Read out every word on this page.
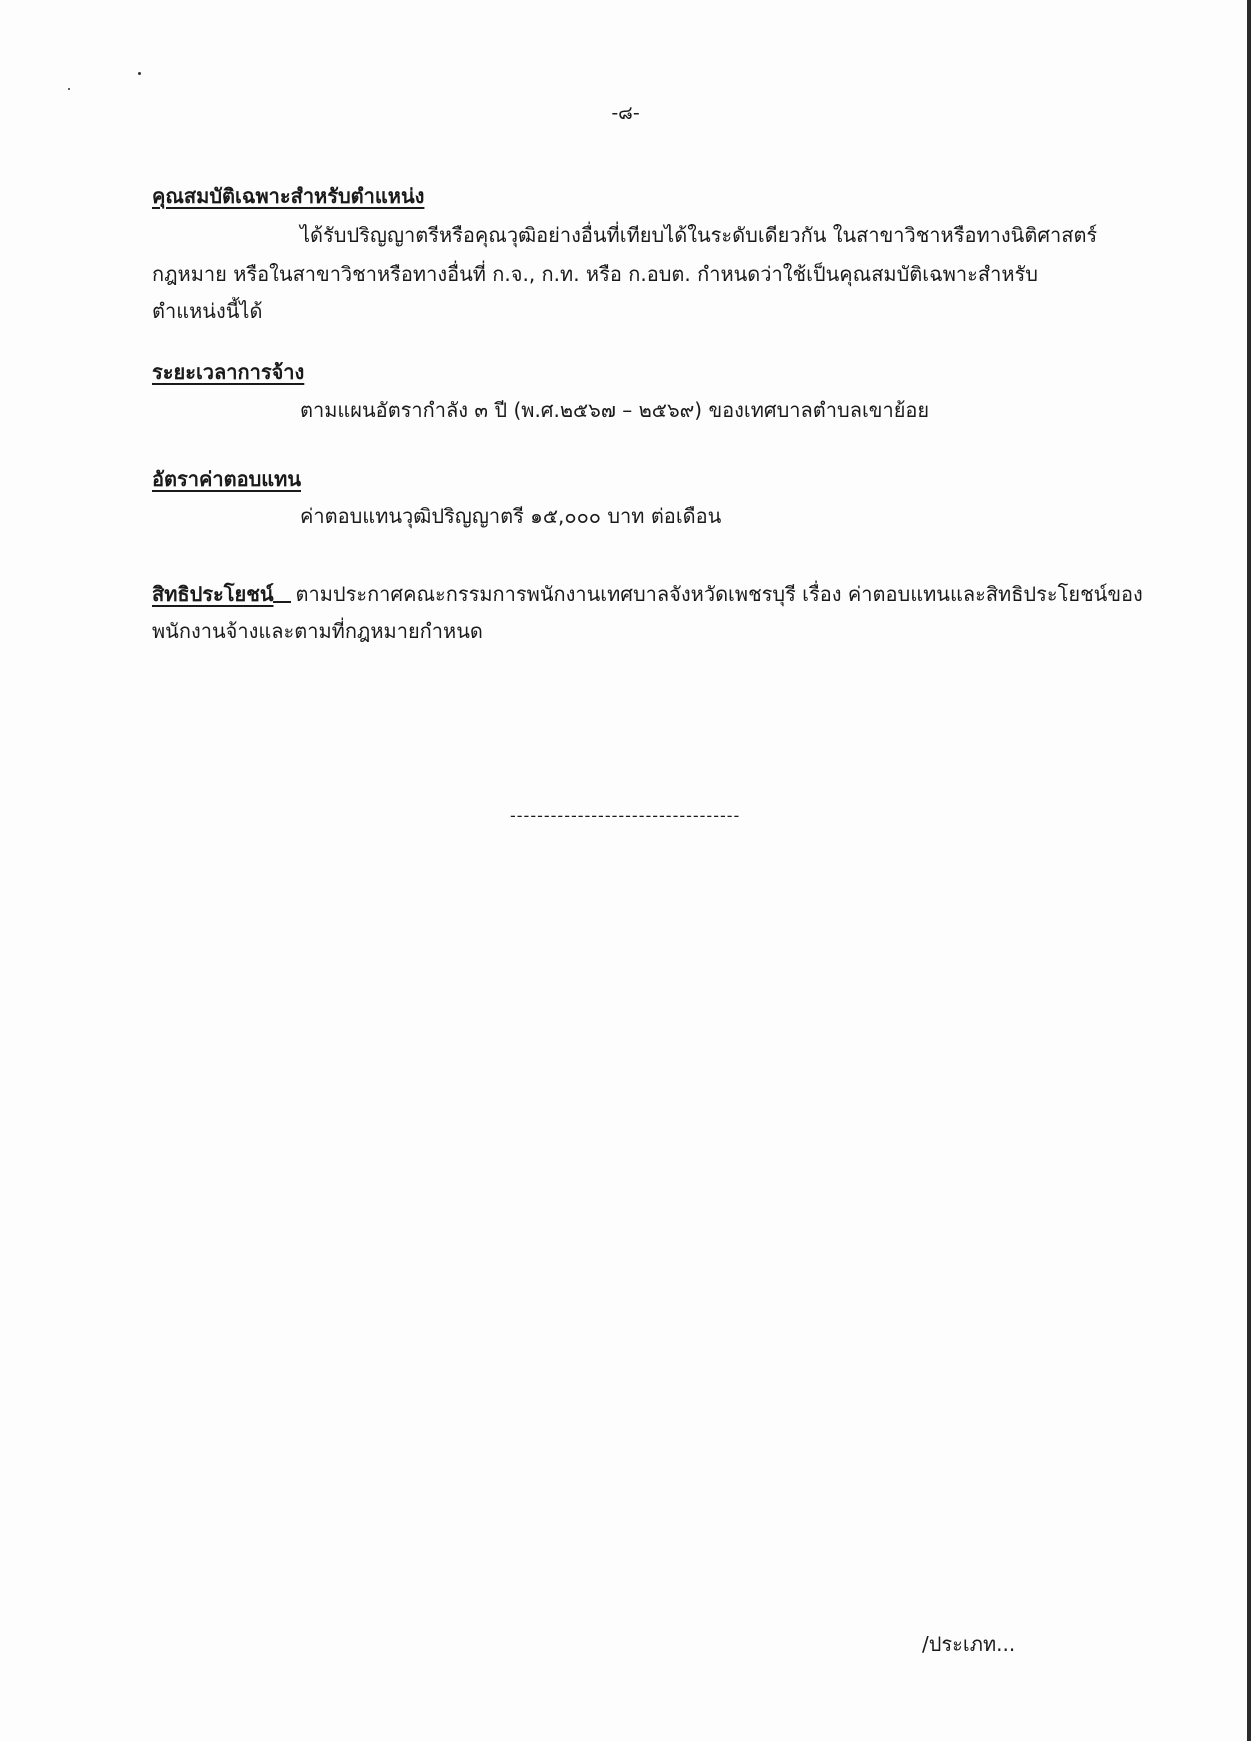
-๘-
คุณสมบัติเฉพาะสำหรับตำแหน่ง
ได้รับปริญญาตรีหรือคุณวุฒิอย่างอื่นที่เทียบได้ในระดับเดียวกัน ในสาขาวิชาหรือทางนิติศาสตร์
กฎหมาย หรือในสาขาวิชาหรือทางอื่นที่ ก.จ., ก.ท. หรือ ก.อบต. กำหนดว่าใช้เป็นคุณสมบัติเฉพาะสำหรับ
ตำแหน่งนี้ได้
ระยะเวลาการจ้าง
ตามแผนอัตรากำลัง ๓ ปี (พ.ศ.๒๕๖๗ – ๒๕๖๙) ของเทศบาลตำบลเขาย้อย
อัตราค่าตอบแทน
ค่าตอบแทนวุฒิปริญญาตรี ๑๕,๐๐๐ บาท ต่อเดือน
สิทธิประโยชน์ ตามประกาศคณะกรรมการพนักงานเทศบาลจังหวัดเพชรบุรี เรื่อง ค่าตอบแทนและสิทธิประโยชน์ของ
พนักงานจ้างและตามที่กฎหมายกำหนด
----------------------------------
/ประเภท...
